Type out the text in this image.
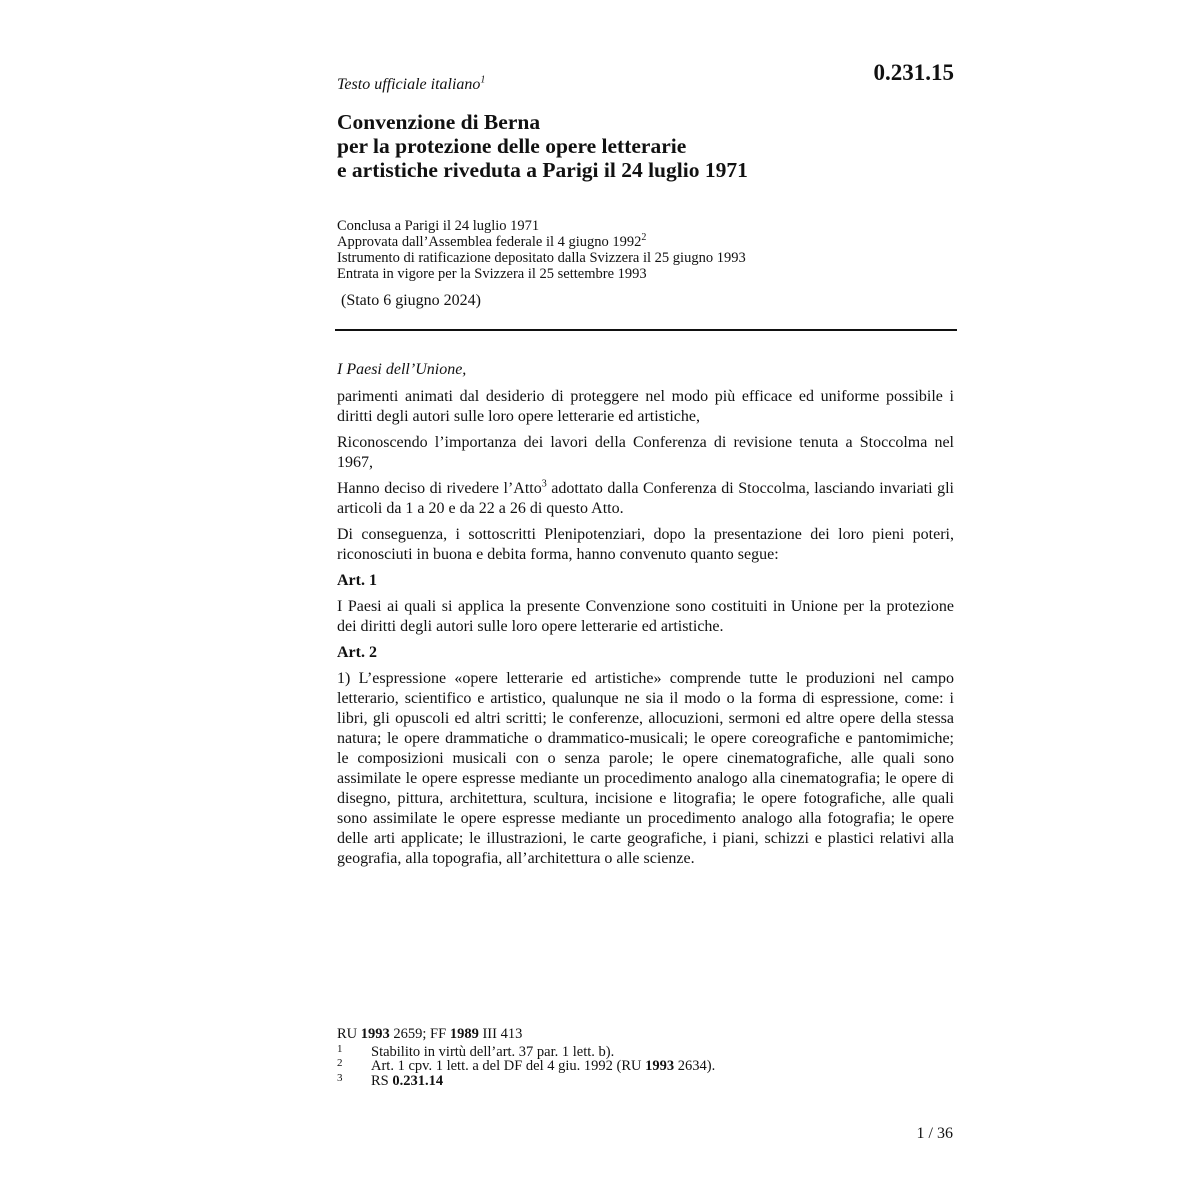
0.231.15
Testo ufficiale italiano$^1$
Convenzione di Berna
per la protezione delle opere letterarie
e artistiche riveduta a Parigi il 24 luglio 1971
Conclusa a Parigi il 24 luglio 1971
Approvata dall’Assemblea federale il 4 giugno 1992$^2$
Istrumento di ratificazione depositato dalla Svizzera il 25 giugno 1993
Entrata in vigore per la Svizzera il 25 settembre 1993
(Stato 6 giugno 2024)

I Paesi dell’Unione,

parimenti animati dal desiderio di proteggere nel modo più efficace ed uniforme possibile i diritti degli autori sulle loro opere letterarie ed artistiche,

Riconoscendo l’importanza dei lavori della Conferenza di revisione tenuta a Stoccolma nel 1967,

Hanno deciso di rivedere l’Atto$^3$ adottato dalla Conferenza di Stoccolma, lasciando invariati gli articoli da 1 a 20 e da 22 a 26 di questo Atto.

Di conseguenza, i sottoscritti Plenipotenziari, dopo la presentazione dei loro pieni poteri, riconosciuti in buona e debita forma, hanno convenuto quanto segue:

Art. 1

I Paesi ai quali si applica la presente Convenzione sono costituiti in Unione per la protezione dei diritti degli autori sulle loro opere letterarie ed artistiche.

Art. 2

1) L’espressione «opere letterarie ed artistiche» comprende tutte le produzioni nel campo letterario, scientifico e artistico, qualunque ne sia il modo o la forma di espressione, come: i libri, gli opuscoli ed altri scritti; le conferenze, allocuzioni, sermoni ed altre opere della stessa natura; le opere drammatiche o drammatico-musicali; le opere coreografiche e pantomimiche; le composizioni musicali con o senza parole; le opere cinematografiche, alle quali sono assimilate le opere espresse mediante un procedimento analogo alla cinematografia; le opere di disegno, pittura, architettura, scultura, incisione e litografia; le opere fotografiche, alle quali sono assimilate le opere espresse mediante un procedimento analogo alla fotografia; le opere delle arti applicate; le illustrazioni, le carte geografiche, i piani, schizzi e plastici relativi alla geografia, alla topografia, all’architettura o alle scienze.

RU 1993 2659; FF 1989 III 413
1	Stabilito in virtù dell’art. 37 par. 1 lett. b).
2	Art. 1 cpv. 1 lett. a del DF del 4 giu. 1992 (RU 1993 2634).
3	RS 0.231.14
1 / 36
